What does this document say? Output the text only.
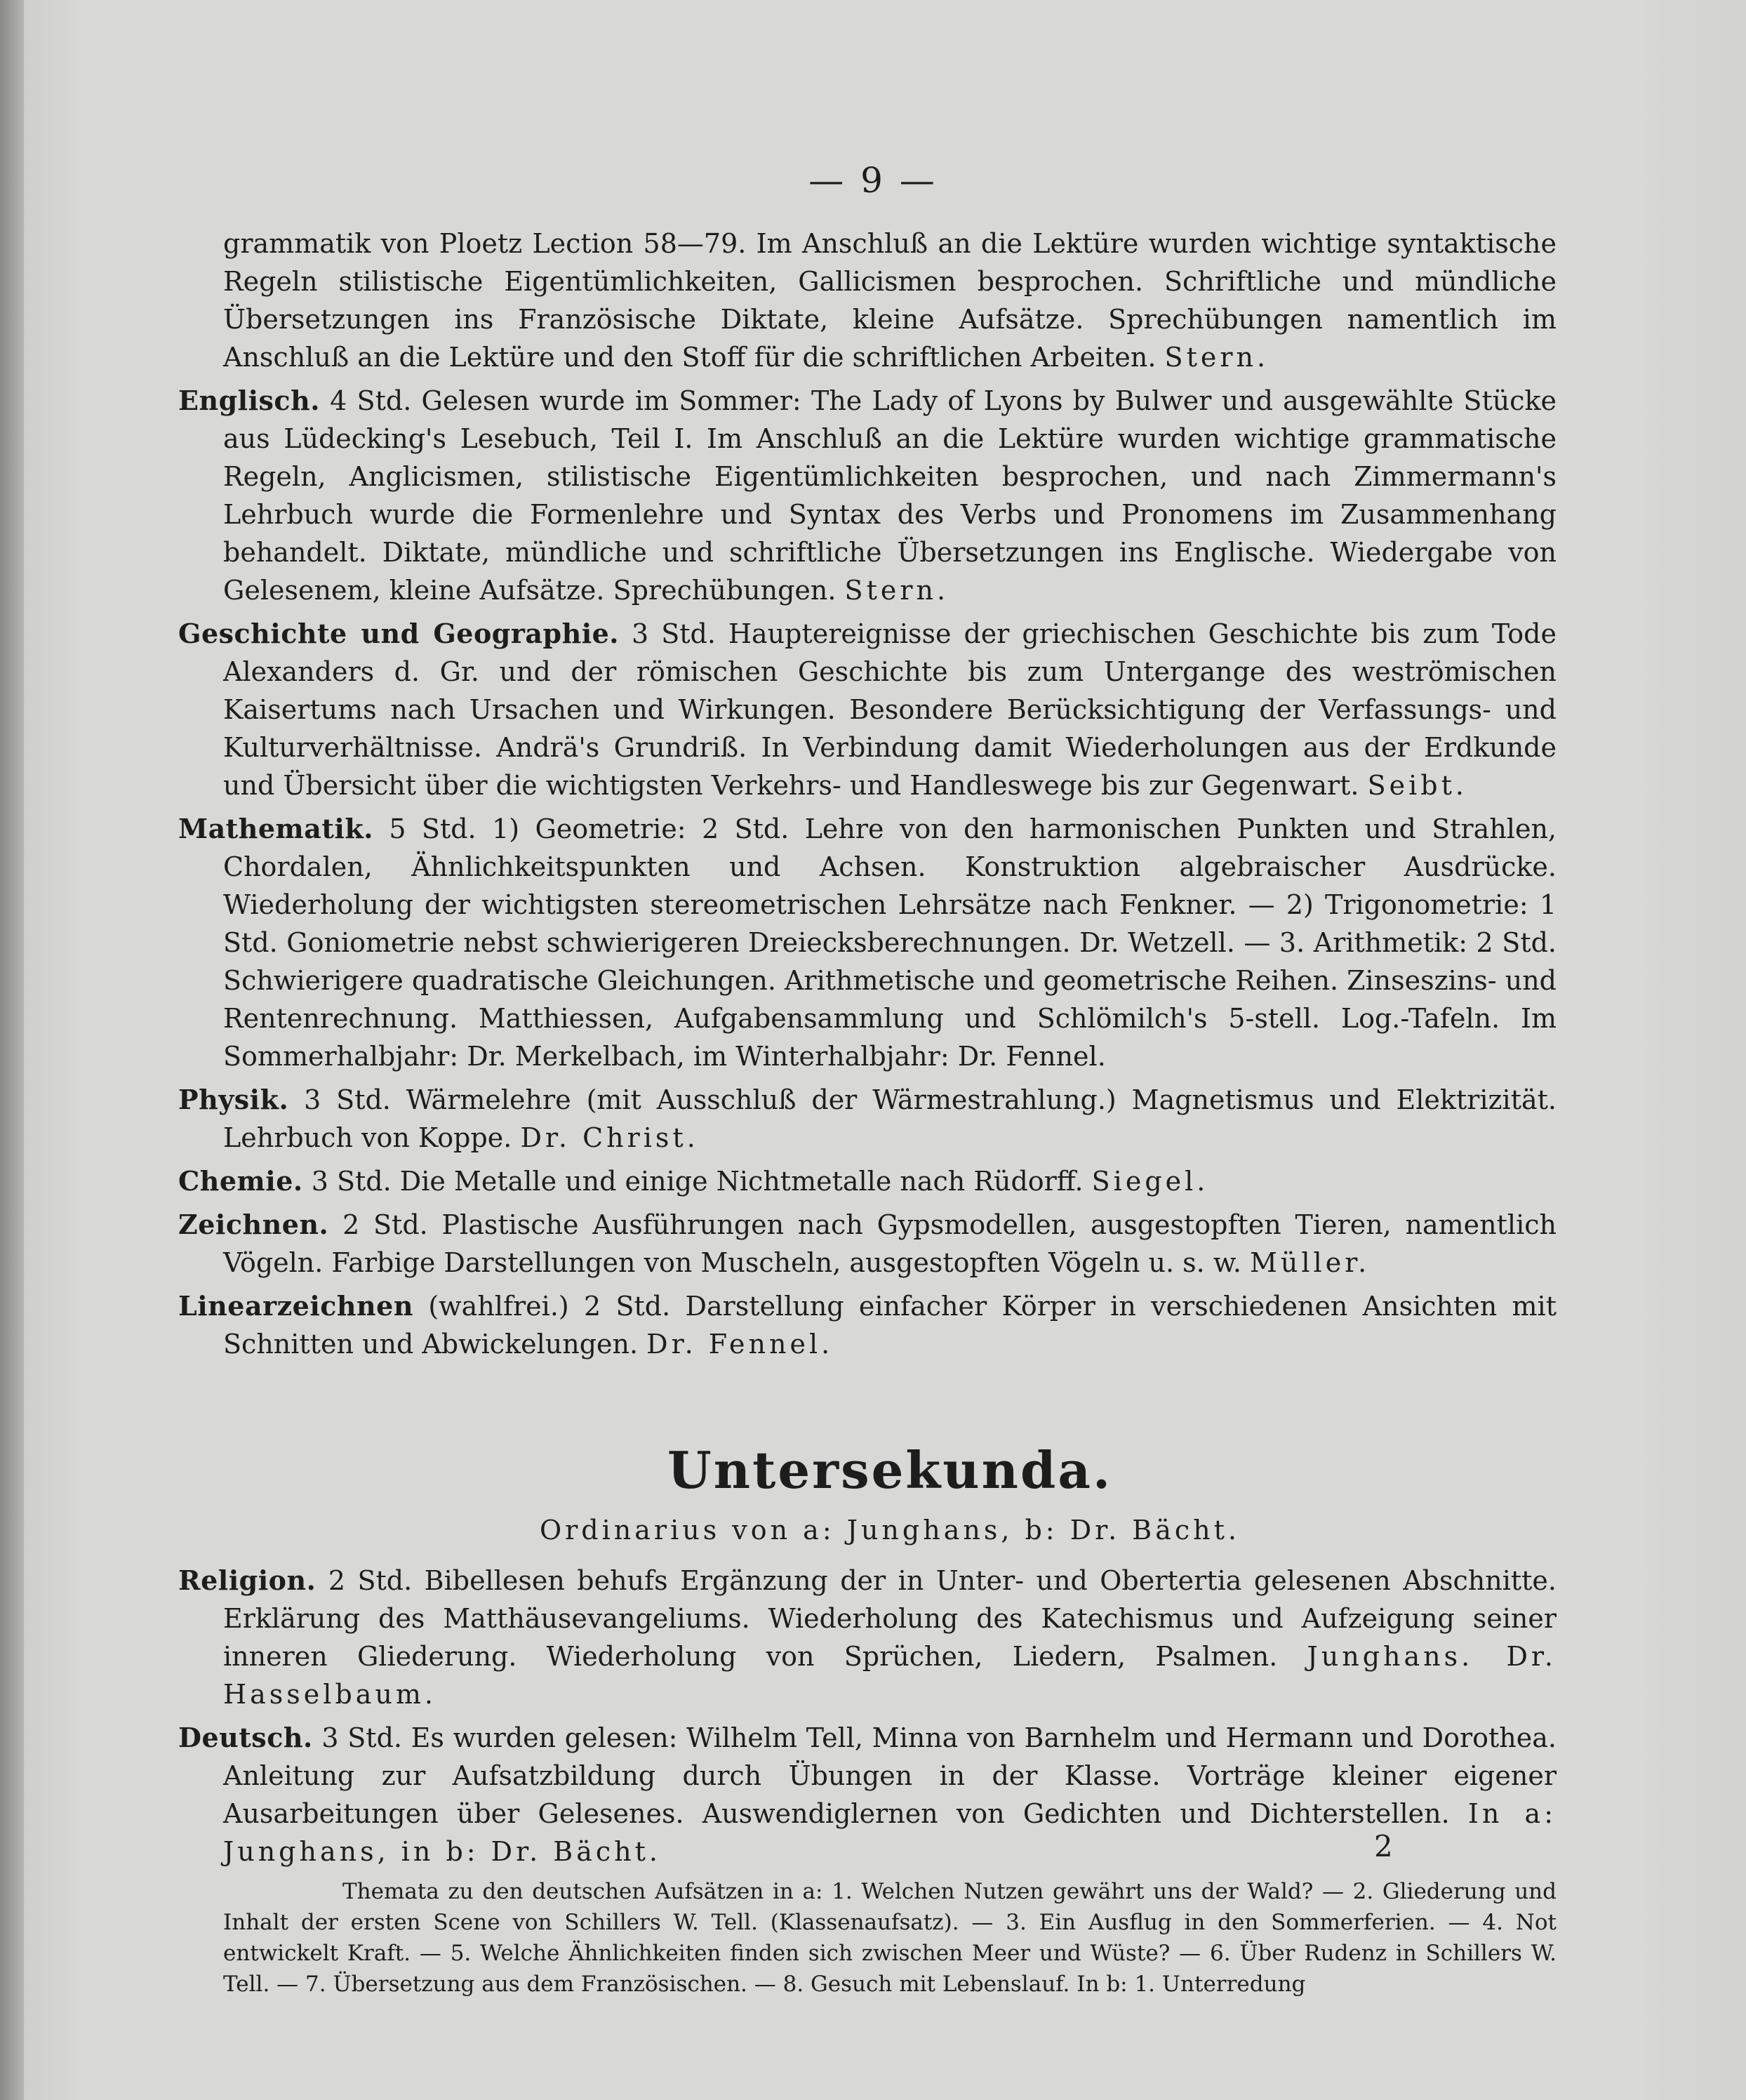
— 9 —

grammatik von Ploetz Lection 58—79. Im Anschluß an die Lektüre wurden wichtige syntaktische Regeln stilistische Eigentümlichkeiten, Gallicismen besprochen. Schriftliche und mündliche Übersetzungen ins Französische Diktate, kleine Aufsätze. Sprechübungen namentlich im Anschluß an die Lektüre und den Stoff für die schriftlichen Arbeiten. Stern.

Englisch. 4 Std. Gelesen wurde im Sommer: The Lady of Lyons by Bulwer und ausgewählte Stücke aus Lüdecking's Lesebuch, Teil I. Im Anschluß an die Lektüre wurden wichtige grammatische Regeln, Anglicismen, stilistische Eigentümlichkeiten besprochen, und nach Zimmermann's Lehrbuch wurde die Formenlehre und Syntax des Verbs und Pronomens im Zusammenhang behandelt. Diktate, mündliche und schriftliche Übersetzungen ins Englische. Wiedergabe von Gelesenem, kleine Aufsätze. Sprechübungen. Stern.

Geschichte und Geographie. 3 Std. Hauptereignisse der griechischen Geschichte bis zum Tode Alexanders d. Gr. und der römischen Geschichte bis zum Untergange des weströmischen Kaisertums nach Ursachen und Wirkungen. Besondere Berücksichtigung der Verfassungs- und Kulturverhältnisse. Andrä's Grundriß. In Verbindung damit Wiederholungen aus der Erdkunde und Übersicht über die wichtigsten Verkehrs- und Handleswege bis zur Gegenwart. Seibt.

Mathematik. 5 Std. 1) Geometrie: 2 Std. Lehre von den harmonischen Punkten und Strahlen, Chordalen, Ähnlichkeitspunkten und Achsen. Konstruktion algebraischer Ausdrücke. Wiederholung der wichtigsten stereometrischen Lehrsätze nach Fenkner. — 2) Trigonometrie: 1 Std. Goniometrie nebst schwierigeren Dreiecksberechnungen. Dr. Wetzell. — 3. Arithmetik: 2 Std. Schwierigere quadratische Gleichungen. Arithmetische und geometrische Reihen. Zinseszins- und Rentenrechnung. Matthiessen, Aufgabensammlung und Schlömilch's 5-stell. Log.-Tafeln. Im Sommerhalbjahr: Dr. Merkelbach, im Winterhalbjahr: Dr. Fennel.

Physik. 3 Std. Wärmelehre (mit Ausschluß der Wärmestrahlung.) Magnetismus und Elektrizität. Lehrbuch von Koppe. Dr. Christ.

Chemie. 3 Std. Die Metalle und einige Nichtmetalle nach Rüdorff. Siegel.

Zeichnen. 2 Std. Plastische Ausführungen nach Gypsmodellen, ausgestopften Tieren, namentlich Vögeln. Farbige Darstellungen von Muscheln, ausgestopften Vögeln u. s. w. Müller.

Linearzeichnen (wahlfrei.) 2 Std. Darstellung einfacher Körper in verschiedenen Ansichten mit Schnitten und Abwickelungen. Dr. Fennel.

Untersekunda.
Ordinarius von a: Junghans, b: Dr. Bächt.

Religion. 2 Std. Bibellesen behufs Ergänzung der in Unter- und Obertertia gelesenen Abschnitte. Erklärung des Matthäusevangeliums. Wiederholung des Katechismus und Aufzeigung seiner inneren Gliederung. Wiederholung von Sprüchen, Liedern, Psalmen. Junghans. Dr. Hasselbaum.

Deutsch. 3 Std. Es wurden gelesen: Wilhelm Tell, Minna von Barnhelm und Hermann und Dorothea. Anleitung zur Aufsatzbildung durch Übungen in der Klasse. Vorträge kleiner eigener Ausarbeitungen über Gelesenes. Auswendiglernen von Gedichten und Dichterstellen. In a: Junghans, in b: Dr. Bächt.

Themata zu den deutschen Aufsätzen in a: 1. Welchen Nutzen gewährt uns der Wald? — 2. Gliederung und Inhalt der ersten Scene von Schillers W. Tell. (Klassenaufsatz). — 3. Ein Ausflug in den Sommerferien. — 4. Not entwickelt Kraft. — 5. Welche Ähnlichkeiten finden sich zwischen Meer und Wüste? — 6. Über Rudenz in Schillers W. Tell. — 7. Übersetzung aus dem Französischen. — 8. Gesuch mit Lebenslauf. In b: 1. Unterredung

2
